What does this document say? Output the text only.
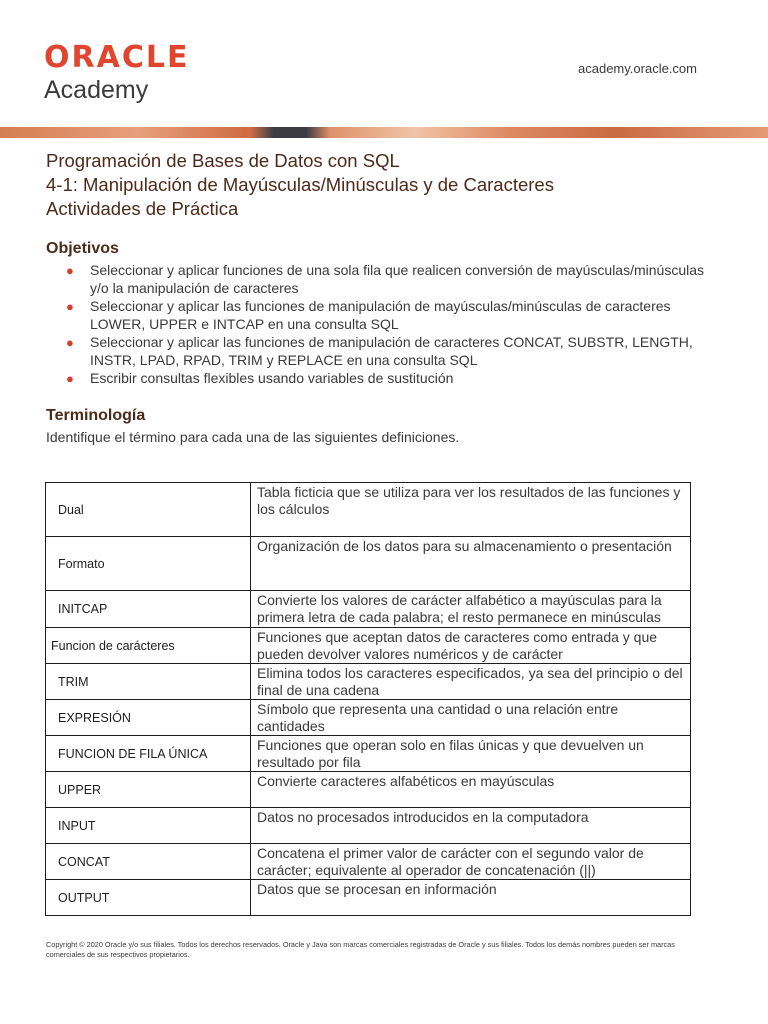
ORACLE
Academy
academy.oracle.com
Programación de Bases de Datos con SQL
4-1: Manipulación de Mayúsculas/Minúsculas y de Caracteres
Actividades de Práctica
Objetivos
● Seleccionar y aplicar funciones de una sola fila que realicen conversión de mayúsculas/minúsculas y/o la manipulación de caracteres
● Seleccionar y aplicar las funciones de manipulación de mayúsculas/minúsculas de caracteres LOWER, UPPER e INTCAP en una consulta SQL
● Seleccionar y aplicar las funciones de manipulación de caracteres CONCAT, SUBSTR, LENGTH, INSTR, LPAD, RPAD, TRIM y REPLACE en una consulta SQL
● Escribir consultas flexibles usando variables de sustitución
Terminología
Identifique el término para cada una de las siguientes definiciones.
Dual	Tabla ficticia que se utiliza para ver los resultados de las funciones y los cálculos
Formato	Organización de los datos para su almacenamiento o presentación
INITCAP	Convierte los valores de carácter alfabético a mayúsculas para la primera letra de cada palabra; el resto permanece en minúsculas
Funcion de carácteres	Funciones que aceptan datos de caracteres como entrada y que pueden devolver valores numéricos y de carácter
TRIM	Elimina todos los caracteres especificados, ya sea del principio o del final de una cadena
EXPRESIÓN	Símbolo que representa una cantidad o una relación entre cantidades
FUNCION DE FILA ÚNICA	Funciones que operan solo en filas únicas y que devuelven un resultado por fila
UPPER	Convierte caracteres alfabéticos en mayúsculas
INPUT	Datos no procesados introducidos en la computadora
CONCAT	Concatena el primer valor de carácter con el segundo valor de carácter; equivalente al operador de concatenación (||)
OUTPUT	Datos que se procesan en información
Copyright © 2020 Oracle y/o sus filiales. Todos los derechos reservados. Oracle y Java son marcas comerciales registradas de Oracle y sus filiales. Todos los demás nombres pueden ser marcas comerciales de sus respectivos propietarios.
